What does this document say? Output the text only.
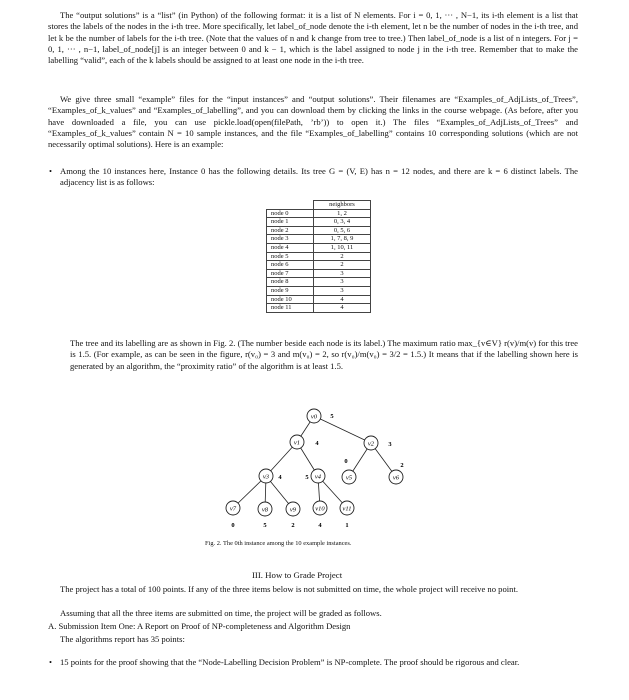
The “output solutions” is a “list” (in Python) of the following format: it is a list of N elements. For i = 0, 1, ··· , N−1, its i-th element is a list that stores the labels of the nodes in the i-th tree. More specifically, let label_of_node denote the i-th element, let n be the number of nodes in the i-th tree, and let k be the number of labels for the i-th tree. (Note that the values of n and k change from tree to tree.) Then label_of_node is a list of n integers. For j = 0, 1, ··· , n−1, label_of_node[j] is an integer between 0 and k − 1, which is the label assigned to node j in the i-th tree. Remember that to make the labelling “valid”, each of the k labels should be assigned to at least one node in the i-th tree.

We give three small “example” files for the “input instances” and “output solutions”. Their filenames are “Examples_of_AdjLists_of_Trees”, “Examples_of_k_values” and “Examples_of_labelling”, and you can download them by clicking the links in the course webpage. (As before, after you have downloaded a file, you can use pickle.load(open(filePath, ’rb’)) to open it.) The files “Examples_of_AdjLists_of_Trees” and “Examples_of_k_values” contain N = 10 sample instances, and the file “Examples_of_labelling” contains 10 corresponding solutions (which are not necessarily optimal solutions). Here is an example:

• Among the 10 instances here, Instance 0 has the following details. Its tree G = (V, E) has n = 12 nodes, and there are k = 6 distinct labels. The adjacency list is as follows:
	neighbors
node 0	1, 2
node 1	0, 3, 4
node 2	0, 5, 6
node 3	1, 7, 8, 9
node 4	1, 10, 11
node 5	2
node 6	2
node 7	3
node 8	3
node 9	3
node 10	4
node 11	4

The tree and its labelling are as shown in Fig. 2. (The number beside each node is its label.) The maximum ratio max_{v∈V} r(v)/m(v) for this tree is 1.5. (For example, as can be seen in the figure, r(v₀) = 3 and m(v₀) = 2, so r(v₀)/m(v₀) = 3/2 = 1.5.) It means that if the labelling shown here is generated by an algorithm, the “proximity ratio” of the algorithm is at least 1.5.

v0 5
v1 4	v2 3
v3 4	v4
5	v5
0
v6
2
v7
0
v8
5
v9
2
v10
4
v11
1
Fig. 2. The 0th instance among the 10 example instances.
III. How to Grade Project

The project has a total of 100 points. If any of the three items below is not submitted on time, the whole project will receive no point.

Assuming that all the three items are submitted on time, the project will be graded as follows.

A. Submission Item One: A Report on Proof of NP-completeness and Algorithm Design

The algorithms report has 35 points:

• 15 points for the proof showing that the “Node-Labelling Decision Problem” is NP-complete. The proof should be rigorous and clear.
